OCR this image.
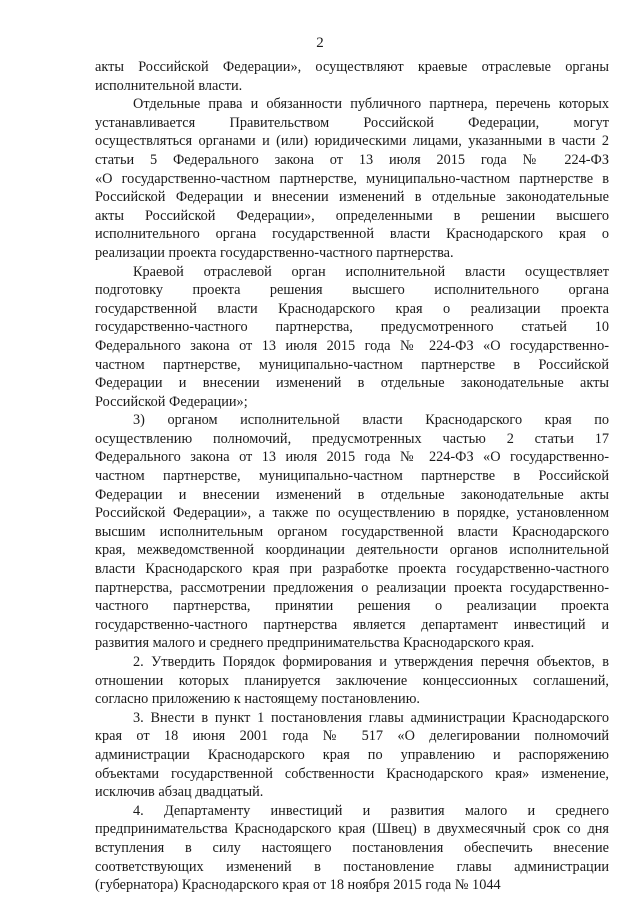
2
акты Российской Федерации», осуществляют краевые отраслевые органы
исполнительной власти.
Отдельные права и обязанности публичного партнера, перечень которых
устанавливается Правительством Российской Федерации, могут
осуществляться органами и (или) юридическими лицами, указанными в части 2
статьи 5 Федерального закона от 13 июля 2015 года № 224-ФЗ
«О государственно-частном партнерстве, муниципально-частном партнерстве в
Российской Федерации и внесении изменений в отдельные законодательные
акты Российской Федерации», определенными в решении высшего
исполнительного органа государственной власти Краснодарского края о
реализации проекта государственно-частного партнерства.
Краевой отраслевой орган исполнительной власти осуществляет
подготовку проекта решения высшего исполнительного органа
государственной власти Краснодарского края о реализации проекта
государственно-частного партнерства, предусмотренного статьей 10
Федерального закона от 13 июля 2015 года № 224-ФЗ «О государственно-
частном партнерстве, муниципально-частном партнерстве в Российской
Федерации и внесении изменений в отдельные законодательные акты
Российской Федерации»;
3) органом исполнительной власти Краснодарского края по
осуществлению полномочий, предусмотренных частью 2 статьи 17
Федерального закона от 13 июля 2015 года № 224-ФЗ «О государственно-
частном партнерстве, муниципально-частном партнерстве в Российской
Федерации и внесении изменений в отдельные законодательные акты
Российской Федерации», а также по осуществлению в порядке, установленном
высшим исполнительным органом государственной власти Краснодарского
края, межведомственной координации деятельности органов исполнительной
власти Краснодарского края при разработке проекта государственно-частного
партнерства, рассмотрении предложения о реализации проекта государственно-
частного партнерства, принятии решения о реализации проекта
государственно-частного партнерства является департамент инвестиций и
развития малого и среднего предпринимательства Краснодарского края.
2. Утвердить Порядок формирования и утверждения перечня объектов, в
отношении которых планируется заключение концессионных соглашений,
согласно приложению к настоящему постановлению.
3. Внести в пункт 1 постановления главы администрации Краснодарского
края от 18 июня 2001 года № 517 «О делегировании полномочий
администрации Краснодарского края по управлению и распоряжению
объектами государственной собственности Краснодарского края» изменение,
исключив абзац двадцатый.
4. Департаменту инвестиций и развития малого и среднего
предпринимательства Краснодарского края (Швец) в двухмесячный срок со дня
вступления в силу настоящего постановления обеспечить внесение
соответствующих изменений в постановление главы администрации
(губернатора) Краснодарского края от 18 ноября 2015 года № 1044
